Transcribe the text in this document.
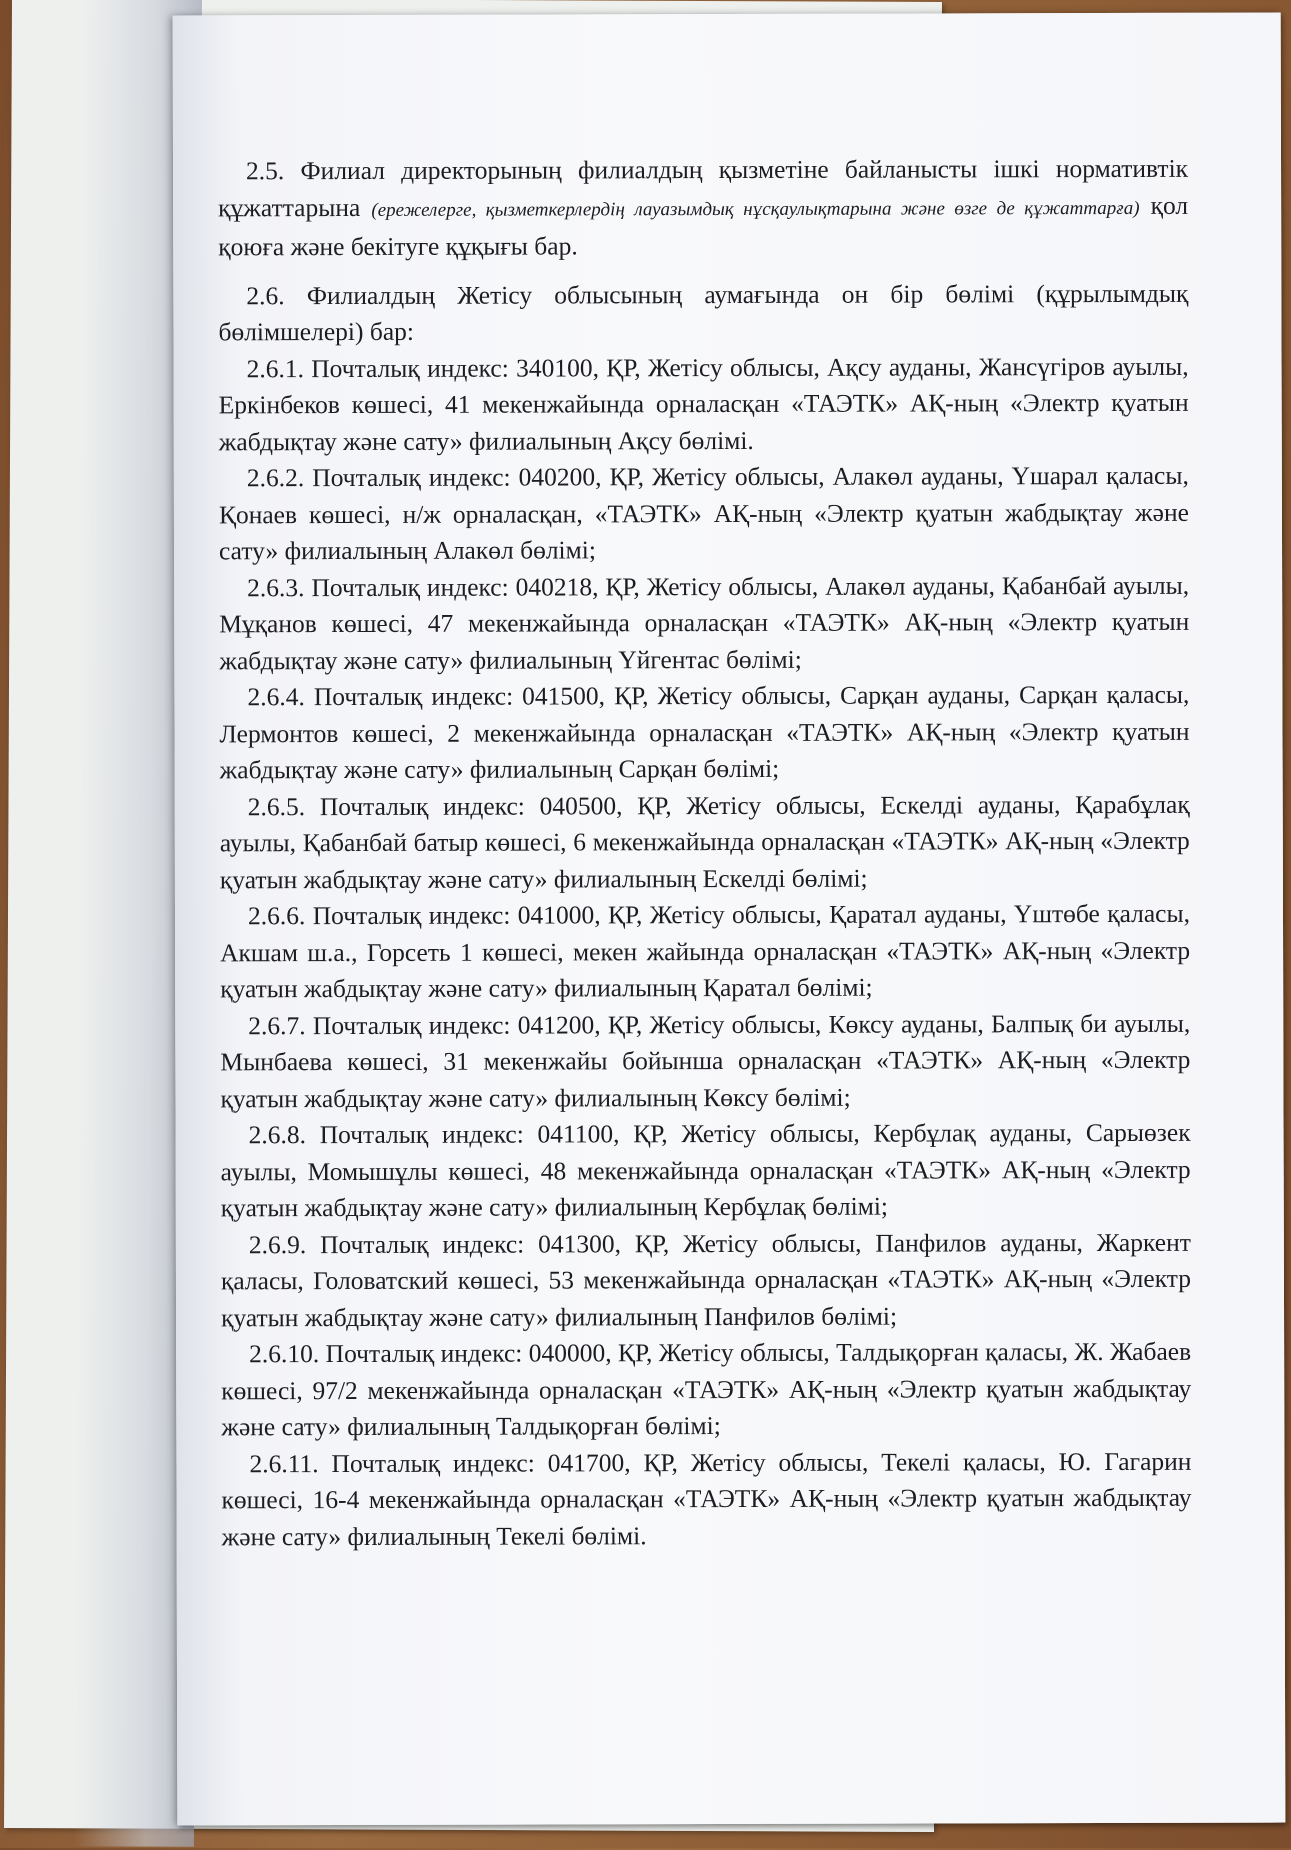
2.5. Филиал директорының филиалдың қызметіне байланысты ішкі нормативтік құжаттарына (ережелерге, қызметкерлердің лауазымдық нұсқаулықтарына және өзге де құжаттарға) қол қоюға және бекітуге құқығы бар.

2.6. Филиалдың Жетісу облысының аумағында он бір бөлімі (құрылымдық бөлімшелері) бар:

2.6.1. Почталық индекс: 340100, ҚР, Жетісу облысы, Ақсу ауданы, Жансүгіров ауылы, Еркінбеков көшесі, 41 мекенжайында орналасқан «ТАЭТК» АҚ-ның «Электр қуатын жабдықтау және сату» филиалының Ақсу бөлімі.

2.6.2. Почталық индекс: 040200, ҚР, Жетісу облысы, Алакөл ауданы, Үшарал қаласы, Қонаев көшесі, н/ж орналасқан, «ТАЭТК» АҚ-ның «Электр қуатын жабдықтау және сату» филиалының Алакөл бөлімі;

2.6.3. Почталық индекс: 040218, ҚР, Жетісу облысы, Алакөл ауданы, Қабанбай ауылы, Мұқанов көшесі, 47 мекенжайында орналасқан «ТАЭТК» АҚ-ның «Электр қуатын жабдықтау және сату» филиалының Үйгентас бөлімі;

2.6.4. Почталық индекс: 041500, ҚР, Жетісу облысы, Сарқан ауданы, Сарқан қаласы, Лермонтов көшесі, 2 мекенжайында орналасқан «ТАЭТК» АҚ-ның «Электр қуатын жабдықтау және сату» филиалының Сарқан бөлімі;

2.6.5. Почталық индекс: 040500, ҚР, Жетісу облысы, Ескелді ауданы, Қарабұлақ ауылы, Қабанбай батыр көшесі, 6 мекенжайында орналасқан «ТАЭТК» АҚ-ның «Электр қуатын жабдықтау және сату» филиалының Ескелді бөлімі;

2.6.6. Почталық индекс: 041000, ҚР, Жетісу облысы, Қаратал ауданы, Үштөбе қаласы, Акшам ш.а., Горсеть 1 көшесі, мекен жайында орналасқан «ТАЭТК» АҚ-ның «Электр қуатын жабдықтау және сату» филиалының Қаратал бөлімі;

2.6.7. Почталық индекс: 041200, ҚР, Жетісу облысы, Көксу ауданы, Балпық би ауылы, Мынбаева көшесі, 31 мекенжайы бойынша орналасқан «ТАЭТК» АҚ-ның «Электр қуатын жабдықтау және сату» филиалының Көксу бөлімі;

2.6.8. Почталық индекс: 041100, ҚР, Жетісу облысы, Кербұлақ ауданы, Сарыөзек ауылы, Момышұлы көшесі, 48 мекенжайында орналасқан «ТАЭТК» АҚ-ның «Электр қуатын жабдықтау және сату» филиалының Кербұлақ бөлімі;

2.6.9. Почталық индекс: 041300, ҚР, Жетісу облысы, Панфилов ауданы, Жаркент қаласы, Головатский көшесі, 53 мекенжайында орналасқан «ТАЭТК» АҚ-ның «Электр қуатын жабдықтау және сату» филиалының Панфилов бөлімі;

2.6.10. Почталық индекс: 040000, ҚР, Жетісу облысы, Талдықорған қаласы, Ж. Жабаев көшесі, 97/2 мекенжайында орналасқан «ТАЭТК» АҚ-ның «Электр қуатын жабдықтау және сату» филиалының Талдықорған бөлімі;

2.6.11. Почталық индекс: 041700, ҚР, Жетісу облысы, Текелі қаласы, Ю. Гагарин көшесі, 16-4 мекенжайында орналасқан «ТАЭТК» АҚ-ның «Электр қуатын жабдықтау және сату» филиалының Текелі бөлімі.
